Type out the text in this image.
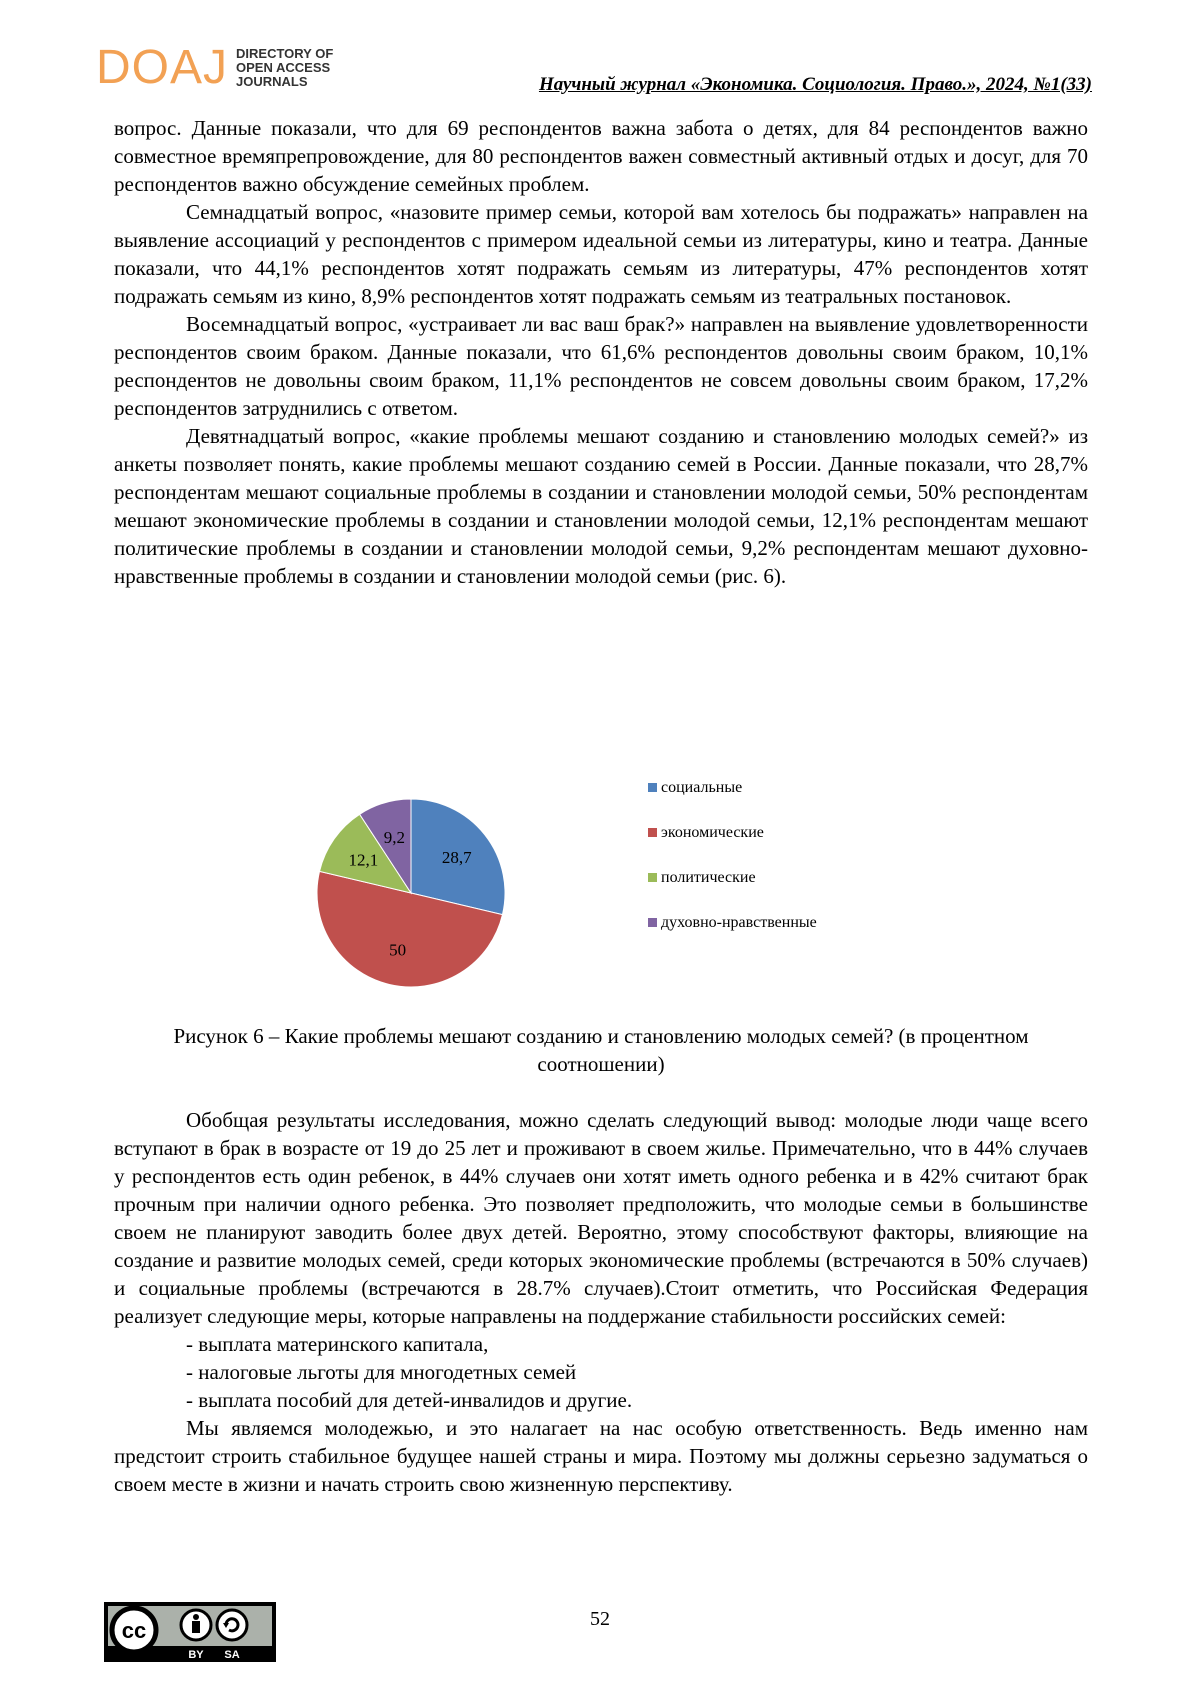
DOAJ DIRECTORY OF
OPEN ACCESS
JOURNALS	Научный журнал «Экономика. Социология. Право.», 2024, №1(33)

вопрос. Данные показали, что для 69 респондентов важна забота о детях, для 84 респондентов важно совместное времяпрепровождение, для 80 респондентов важен совместный активный отдых и досуг, для 70 респондентов важно обсуждение семейных проблем.

Семнадцатый вопрос, «назовите пример семьи, которой вам хотелось бы подражать» направлен на выявление ассоциаций у респондентов с примером идеальной семьи из литературы, кино и театра. Данные показали, что 44,1% респондентов хотят подражать семьям из литературы, 47% респондентов хотят подражать семьям из кино, 8,9% респондентов хотят подражать семьям из театральных постановок.

Восемнадцатый вопрос, «устраивает ли вас ваш брак?» направлен на выявление удовлетворенности респондентов своим браком. Данные показали, что 61,6% респондентов довольны своим браком, 10,1% респондентов не довольны своим браком, 11,1% респондентов не совсем довольны своим браком, 17,2% респондентов затруднились с ответом.

Девятнадцатый вопрос, «какие проблемы мешают созданию и становлению молодых семей?» из анкеты позволяет понять, какие проблемы мешают созданию семей в России. Данные показали, что 28,7% респондентам мешают социальные проблемы в создании и становлении молодой семьи, 50% респондентам мешают экономические проблемы в создании и становлении молодой семьи, 12,1% респондентам мешают политические проблемы в создании и становлении молодой семьи, 9,2% респондентам мешают духовно-нравственные проблемы в создании и становлении молодой семьи (рис. 6).

28,7
50
12,1
9,2
социальные
экономические
политические
духовно-нравственные
Рисунок 6 – Какие проблемы мешают созданию и становлению молодых семей? (в процентном соотношении)

Обобщая результаты исследования, можно сделать следующий вывод: молодые люди чаще всего вступают в брак в возрасте от 19 до 25 лет и проживают в своем жилье. Примечательно, что в 44% случаев у респондентов есть один ребенок, в 44% случаев они хотят иметь одного ребенка и в 42% считают брак прочным при наличии одного ребенка. Это позволяет предположить, что молодые семьи в большинстве своем не планируют заводить более двух детей. Вероятно, этому способствуют факторы, влияющие на создание и развитие молодых семей, среди которых экономические проблемы (встречаются в 50% случаев) и социальные проблемы (встречаются в 28.7% случаев).Стоит отметить, что Российская Федерация реализует следующие меры, которые направлены на поддержание стабильности российских семей:

- выплата материнского капитала,

- налоговые льготы для многодетных семей

- выплата пособий для детей-инвалидов и другие.

Мы являемся молодежью, и это налагает на нас особую ответственность. Ведь именно нам предстоит строить стабильное будущее нашей страны и мира. Поэтому мы должны серьезно задуматься о своем месте в жизни и начать строить свою жизненную перспективу.

52
cc
BY SA
